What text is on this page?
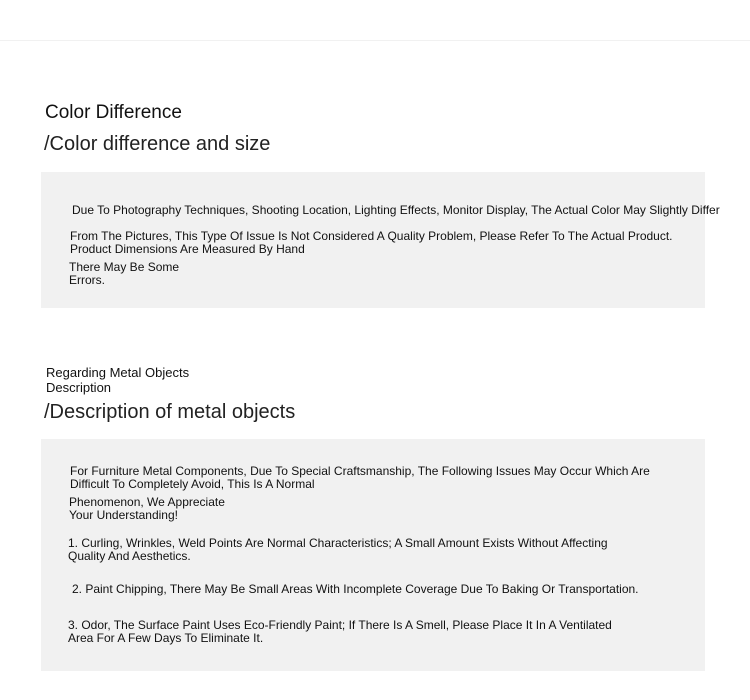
Color Difference
/Color difference and size
Due To Photography Techniques, Shooting Location, Lighting Effects, Monitor Display, The Actual Color May Slightly Differ
From The Pictures, This Type Of Issue Is Not Considered A Quality Problem, Please Refer To The Actual Product. Product Dimensions Are Measured By Hand
There May Be Some Errors.
Regarding Metal Objects Description
/Description of metal objects
For Furniture Metal Components, Due To Special Craftsmanship, The Following Issues May Occur Which Are Difficult To Completely Avoid, This Is A Normal
Phenomenon, We Appreciate Your Understanding!
1. Curling, Wrinkles, Weld Points Are Normal Characteristics; A Small Amount Exists Without Affecting Quality And Aesthetics.
2. Paint Chipping, There May Be Small Areas With Incomplete Coverage Due To Baking Or Transportation.
3. Odor, The Surface Paint Uses Eco-Friendly Paint; If There Is A Smell, Please Place It In A Ventilated Area For A Few Days To Eliminate It.
